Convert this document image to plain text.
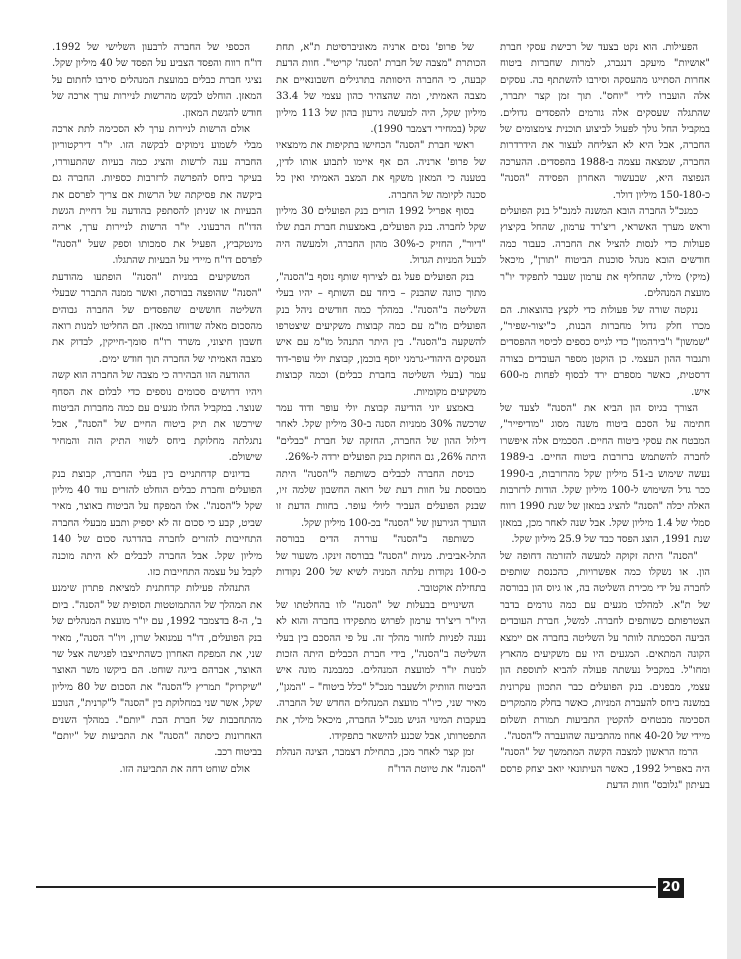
הפעילות. הוא נקט בצעד של רכישת עסקי חברת "אושיות" מיעקב דנגברג, למרות שחברות ביטוח אחרות הסתייגו מהעסקה וסירבו להשתתף בה. עסקים אלה הועברו לידי "יוחס". תוך זמן קצר יתברר, שהתגלה שעסקים אלה גורמים להפסדים גדולים. במקביל החל גולך לפעול לביצוע תוכנית צימצומים של החברה, אבל היא לא הצליחה לעצור את הידרדרות החברה, שמצאה עצמה ב-1988 בהפסדים. ההערכה הנפוצה היא, שבעשור האחרון הפסידה "הסנה" כ-150-180 מיליון דולר.

כמנכ"ל החברה הובא המשנה למנכ"ל בנק הפועלים וראש מערך האשראי, ריצ'רד ערמון, שהחל בקיצוץ פעולות כדי לנסות להציל את החברה. כעבור כמה חודשים הובא מנהל סוכנות הביטוח "תורן", מיכאל (מיקי) מילר, שהחליף את ערמון שעבר לתפקיד יו"ר מועצת המנהלים.

ננקטה שורה של פעולות כדי לקצץ בהוצאות. הם מכרו חלק גדול מחברות הבנות, כ"יצור-שפיר", "שמשון" ו"בירהמון" כדי לגייס כספים לכיסוי ההפסדים ותגבור ההון העצמי. כן הוקטן מספר העובדים בצורה דרסטית, כאשר מספרם ירד לבסוף לפחות מ-600 איש.

הצורך בגיוס הון הביא את "הסנה" לצעד של חתימה על הסכם ביטוח משנה מסוג "מודיפייר", המבטח את עסקי ביטוח החיים. הסכמים אלה איפשרו לחברה להשתמש ברזרבות ביטוח החיים. ב-1989 נעשה שימוש ב-51 מיליון שקל מהרזרבות, ב-1990 ככר גדל השימוש ל-100 מיליון שקל. הודות לרזרבות האלה יכלה "הסנה" להציג במאזן של שנת 1990 רווח סמלי של 1.4 מיליון שקל. אבל שנה לאחר מכן, במאזן שנת 1991, הוצג הפסד כבד של 25.9 מיליון שקל.

"הסנה" היתה זקוקה למעשה להזרמה דחופה של הון. או נשקלו כמה אפשרויות, כהכנסת שותפים לחברה על ידי מכירת השליטה בה, או גיוס הון בבורסה של ת"א. למהלכו מגעים עם כמה גורמים בדבר הצטרפותם כשותפים לחברה. למשל, חברת העובדים הביעה הסכמתה לוותר על השליטה בחברה אם יימצא הקונה המתאים. המגעים היו עם משקיעים מהארץ ומחו"ל. במקביל נעשתה פעולה להביא לתוספת הון עצמי, מבפנים. בנק הפועלים כבר התכוון עקרונית במשנה ביחס להעברת המניות, כאשר בחלק מהמקרים הסכימה מבטחים להקטין התביעות תמורת תשלום מיידי של 40-20 אחוז מהתביעה שהועברה ל"הסנה".

הרמז הראשון למצבה הקשה המתמשך של "הסנה" היה באפריל 1992, כאשר העיתונאי יואב יצחק פרסם בעיתון "גלובס" חוות הדעת

של פרופ' נסים ארניה מאוניברסיטת ת"א, תחת הכותרת "מצבה של חברת 'הסנה' קריטי". חוות הדעת קבעה, כי החברה היסוותה בתרגילים חשבונאיים את מצבה האמיתי, ומה שהצהיר כהון עצמי של 33.4 מיליון שקל, היה למעשה גירעון בהון של 113 מיליון שקל (במחירי דצמבר 1990).

ראשי חברת "הסנה" הכחישו בתקיפות את מימצאיו של פרופ' ארניה. הם אף איימו לתבוע אותו לדין, בטענה כי המאזן משקף את המצב האמיתי ואין כל סכנה לקיומה של החברה.

בסוף אפריל 1992 הזרים בנק הפועלים 30 מיליון שקל לחברה. בנק הפועלים, באמצעות חברת הבת שלו "דיור", החזיק כ-30% מהון החברה, ולמעשה היה לבעל המניות הגדול.

בנק הפועלים פעל גם לצירוף שותף נוסף ב"הסנה", מתוך כוונה שהבנק – ביחד עם השותף – יהיו בעלי השליטה ב"הסנה". במהלך כמה חודשים ניהל בנק הפועלים מו"מ עם כמה קבוצות משקיעים שיצטרפו להשקעה ב"הסנה". בין היתר התנהל מו"מ עם איש העסקים היהודי-גרמני יוסף בוכמן, קבוצת יולי עופר-דוד עמר (בעלי השליטה בחברת כבלים) וכמה קבוצות משקיעים מקומיות.

באמצע יוני הודיעה קבוצת יולי עופר ודוד עמר שרכשה 30% ממניות הסנה ב-30 מיליון שקל. לאחר דילול ההון של החברה, החזקה של חברת "כבלים" היתה 26%, גם החזקת בנק הפועלים ירדה ל-26%.

כניסת החברה לכבלים כשותפה ל"הסנה" היתה מבוססת על חוות דעת של רואה החשבון שלמה זיו, שבנק הפועלים העביר ליולי עופר. בחוות הדעת זו הוערך הגירעון של "הסנה" בכ-100 מיליון שקל.

כשותפה ב"הסנה" עוררה הדים בבורסה התל-אביבית. מניות "הסנה" בבורסה זינקו. משעור של כ-100 נקודות עלתה המניה לשיא של 200 נקודות בתחילת אוקטובר.

השינויים בבעלות של "הסנה" לוו בהחלטתו של היו"ר ריצ'רד ערמון לפרוש מתפקידו בחברה והוא לא נענה לפניות לחזור מהלך זה. על פי ההסכם בין בעלי השליטה ב"הסנה", בידי חברת הכבלים היתה הזכות למנות יו"ר למועצת המנהלים. כמבמנה מונה איש הביטוח הוותיק ולשעבר מנכ"ל "כלל ביטוח" – "המגן", מאיר שני, כיו"ר מועצת המנהלים החדש של החברה. בעקבות המינוי הגיש מנכ"ל החברה, מיכאל מילר, את התפטרותו, אבל שכנע להישאר בתפקידו.

זמן קצר לאחר מכן, בתחילת דצמבר, הציגה הנהלת "הסנה" את טיוטת הדו"ח

הכספי של החברה לרבעון השלישי של 1992. דו"ח רווח והפסד הצביע על הפסד של 40 מיליון שקל. נציגי חברת כבלים במועצת המנהלים סירבו לחתום על המאזן. הוחלט לבקש מהרשות לניירות ערך ארכה של חודש להגשת המאזן.

אולם הרשות לניירות ערך לא הסכימה לתת ארכה מבלי לשמוע נימוקים לבקשה הזו. יו"ר דירקטוריון החברה ענה לרשות והציג כמה בעיות שהתעוררו, בעיקר ביחס להפרשה לרזרבות כספיות. החברה גם ביקשה את פסיקתה של הרשות אם צריך לפרסם את הבעיות או שניתן להסתפק בהודעה על דחיית הגשת הדו"ח הרבעוני. יו"ר הרשות לניירות ערך, אריה מינטקביץ, הפעיל את סמכותו וספק שעל "הסנה" לפרסם דו"ח מיידי על הבעיות שהתגלו.

המשקיעים במניות "הסנה" הופתעו מהודעת "הסנה" שהופצה בבורסה, ואשר ממנה התברר שבעלי השליטה חוששים שהפסדים של החברה גבוהים מהסכום מאלה שדווחו במאזן. הם החליטו למנות רואה חשבון חיצוני, משרד רו"ח סומך-חייקין, לבדוק את מצבה האמיתי של החברה תוך חודש ימים.

ההודעה הזו הבהירה כי מצבה של החברה הוא קשה ויהיו דרושים סכומים נוספים כדי לבלום את הסחף שנוצר. במקביל החלו מגעים עם כמה מחברות הביטוח שירכשו את תיק ביטוח החיים של "הסנה", אבל נתגלתה מחלוקת ביחס לשווי התיק הזה והמחיר שישולם.

בדיונים קדחתניים בין בעלי החברה, קבוצת בנק הפועלים וחברת כבלים הוחלט להזרים עוד 40 מיליון שקל ל"הסנה". אלו המפקח על הביטוח באוצר, מאיר שביט, קבע כי סכום זה לא יספיק ותבע מבעלי החברה התחייבות להזרים לחברה בהדרגה סכום של 140 מיליון שקל. אבל החברה לכבלים לא היתה מוכנה לקבל על עצמה התחייבות כזו.

התנהלה פעילות קדחתנית למציאת פתרון שימנע את המהלך של ההתמוטטות הסופית של "הסנה". ביום ב', ה-8 בדצמבר 1992, עם יו"ר מועצת המנהלים של בנק הפועלים, דו"ר עמנואל שרון, ויו"ר הסנה", מאיר שני, את המפקח האחרון כשהתייצבו לפגישה אצל שר האוצר, אברהם בייגה שוחט. הם ביקשו משר האוצר "שיקרוק" תמריץ ל"הסנה" את הסכום של 80 מיליון שקל, אשר שני במחלוקת בין "הסנה" ל"קרנית", הנובע מהתחבבות של חברת הבת "יותם". במהלך השנים האחרונות כיסתה "הסנה" את התביעות של "יותם" בביטוח רכב.

אולם שוחט דחה את התביעה הזו.

20
